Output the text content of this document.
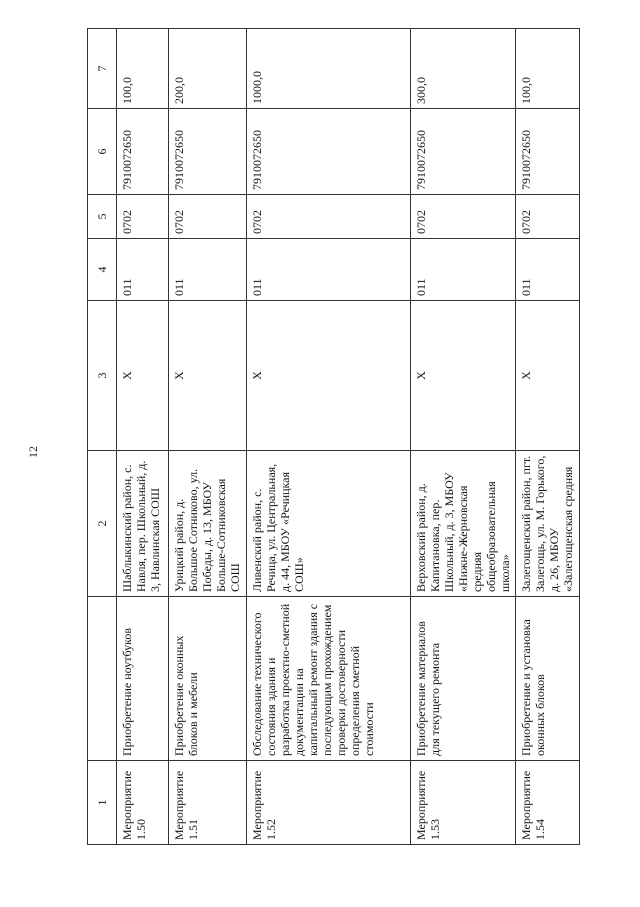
12
1		2	3	4	5	6	7
Мероприятие 1.50	Приобретение ноутбуков	Шаблыкинский район, с. Навля, пер. Школьный, д. 3, Навлинская СОШ	X	011	0702	7910072650	100,0
Мероприятие 1.51	Приобретение оконных блоков и мебели	Урицкий район, д. Большое Сотниково, ул. Победы, д. 13, МБОУ Больше-Сотниковская СОШ	X	011	0702	7910072650	200,0
Мероприятие 1.52	Обследование технического состояния здания и разработка проектно-сметной документации на капитальный ремонт здания с последующим прохождением проверки достоверности определения сметной стоимости	Ливенский район, с. Речица, ул. Центральная, д. 44, МБОУ «Речицкая СОШ»	X	011	0702	7910072650	1000,0
Мероприятие 1.53	Приобретение материалов для текущего ремонта	Верховский район, д. Капитановка, пер. Школьный, д. 3, МБОУ «Нижне-Жерновская средняя общеобразовательная школа»	X	011	0702	7910072650	300,0
Мероприятие 1.54	Приобретение и установка оконных блоков	Залегощенский район, пгт. Залегощь, ул. М. Горького, д. 26, МБОУ «Залегощенская средняя	X	011	0702	7910072650	100,0
